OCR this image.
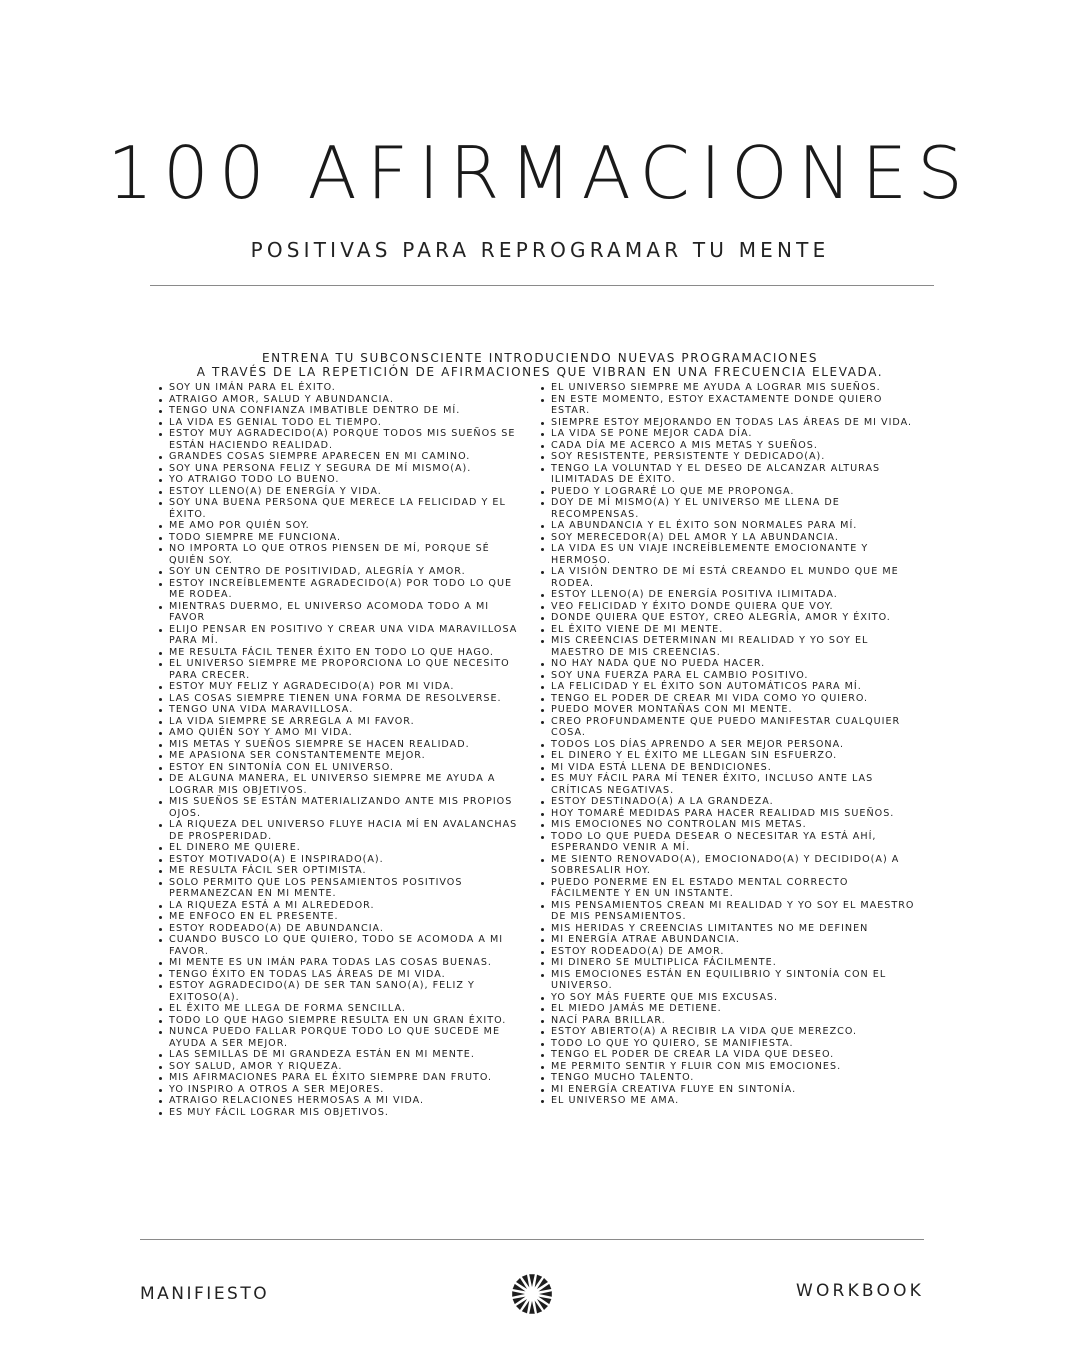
100 AFIRMACIONES
POSITIVAS PARA REPROGRAMAR TU MENTE
ENTRENA TU SUBCONSCIENTE INTRODUCIENDO NUEVAS PROGRAMACIONES
A TRAVÉS DE LA REPETICIÓN DE AFIRMACIONES QUE VIBRAN EN UNA FRECUENCIA ELEVADA.
SOY UN IMÁN PARA EL ÉXITO.
ATRAIGO AMOR, SALUD Y ABUNDANCIA.
TENGO UNA CONFIANZA IMBATIBLE DENTRO DE MÍ.
LA VIDA ES GENIAL TODO EL TIEMPO.
ESTOY MUY AGRADECIDO(A) PORQUE TODOS MIS SUEÑOS SE ESTÁN HACIENDO REALIDAD.
GRANDES COSAS SIEMPRE APARECEN EN MI CAMINO.
SOY UNA PERSONA FELIZ Y SEGURA DE MÍ MISMO(A).
YO ATRAIGO TODO LO BUENO.
ESTOY LLENO(A) DE ENERGÍA Y VIDA.
SOY UNA BUENA PERSONA QUE MERECE LA FELICIDAD Y EL ÉXITO.
ME AMO POR QUIÉN SOY.
TODO SIEMPRE ME FUNCIONA.
NO IMPORTA LO QUE OTROS PIENSEN DE MÍ, PORQUE SÉ QUIÉN SOY.
SOY UN CENTRO DE POSITIVIDAD, ALEGRÍA Y AMOR.
ESTOY INCREÍBLEMENTE AGRADECIDO(A) POR TODO LO QUE ME RODEA.
MIENTRAS DUERMO, EL UNIVERSO ACOMODA TODO A MI FAVOR
ELIJO PENSAR EN POSITIVO Y CREAR UNA VIDA MARAVILLOSA PARA MÍ.
ME RESULTA FÁCIL TENER ÉXITO EN TODO LO QUE HAGO.
EL UNIVERSO SIEMPRE ME PROPORCIONA LO QUE NECESITO PARA CRECER.
ESTOY MUY FELIZ Y AGRADECIDO(A) POR MI VIDA.
LAS COSAS SIEMPRE TIENEN UNA FORMA DE RESOLVERSE.
TENGO UNA VIDA MARAVILLOSA.
LA VIDA SIEMPRE SE ARREGLA A MI FAVOR.
AMO QUIÉN SOY Y AMO MI VIDA.
MIS METAS Y SUEÑOS SIEMPRE SE HACEN REALIDAD.
ME APASIONA SER CONSTANTEMENTE MEJOR.
ESTOY EN SINTONÍA CON EL UNIVERSO.
DE ALGUNA MANERA, EL UNIVERSO SIEMPRE ME AYUDA A LOGRAR MIS OBJETIVOS.
MIS SUEÑOS SE ESTÁN MATERIALIZANDO ANTE MIS PROPIOS OJOS.
LA RIQUEZA DEL UNIVERSO FLUYE HACIA MÍ EN AVALANCHAS DE PROSPERIDAD.
EL DINERO ME QUIERE.
ESTOY MOTIVADO(A) E INSPIRADO(A).
ME RESULTA FÁCIL SER OPTIMISTA.
SOLO PERMITO QUE LOS PENSAMIENTOS POSITIVOS PERMANEZCAN EN MI MENTE.
LA RIQUEZA ESTÁ A MI ALREDEDOR.
ME ENFOCO EN EL PRESENTE.
ESTOY RODEADO(A) DE ABUNDANCIA.
CUANDO BUSCO LO QUE QUIERO, TODO SE ACOMODA A MI FAVOR.
MI MENTE ES UN IMÁN PARA TODAS LAS COSAS BUENAS.
TENGO ÉXITO EN TODAS LAS ÁREAS DE MI VIDA.
ESTOY AGRADECIDO(A) DE SER TAN SANO(A), FELIZ Y EXITOSO(A).
EL ÉXITO ME LLEGA DE FORMA SENCILLA.
TODO LO QUE HAGO SIEMPRE RESULTA EN UN GRAN ÉXITO.
NUNCA PUEDO FALLAR PORQUE TODO LO QUE SUCEDE ME AYUDA A SER MEJOR.
LAS SEMILLAS DE MI GRANDEZA ESTÁN EN MI MENTE.
SOY SALUD, AMOR Y RIQUEZA.
MIS AFIRMACIONES PARA EL ÉXITO SIEMPRE DAN FRUTO.
YO INSPIRO A OTROS A SER MEJORES.
ATRAIGO RELACIONES HERMOSAS A MI VIDA.
ES MUY FÁCIL LOGRAR MIS OBJETIVOS.
EL UNIVERSO SIEMPRE ME AYUDA A LOGRAR MIS SUEÑOS.
EN ESTE MOMENTO, ESTOY EXACTAMENTE DONDE QUIERO ESTAR.
SIEMPRE ESTOY MEJORANDO EN TODAS LAS ÁREAS DE MI VIDA.
LA VIDA SE PONE MEJOR CADA DÍA.
CADA DÍA ME ACERCO A MIS METAS Y SUEÑOS.
SOY RESISTENTE, PERSISTENTE Y DEDICADO(A).
TENGO LA VOLUNTAD Y EL DESEO DE ALCANZAR ALTURAS ILIMITADAS DE ÉXITO.
PUEDO Y LOGRARÉ LO QUE ME PROPONGA.
DOY DE MÍ MISMO(A) Y EL UNIVERSO ME LLENA DE RECOMPENSAS.
LA ABUNDANCIA Y EL ÉXITO SON NORMALES PARA MÍ.
SOY MERECEDOR(A) DEL AMOR Y LA ABUNDANCIA.
LA VIDA ES UN VIAJE INCREÍBLEMENTE EMOCIONANTE Y HERMOSO.
LA VISIÓN DENTRO DE MÍ ESTÁ CREANDO EL MUNDO QUE ME RODEA.
ESTOY LLENO(A) DE ENERGÍA POSITIVA ILIMITADA.
VEO FELICIDAD Y ÉXITO DONDE QUIERA QUE VOY.
DONDE QUIERA QUE ESTOY, CREO ALEGRÍA, AMOR Y ÉXITO.
EL ÉXITO VIENE DE MI MENTE.
MIS CREENCIAS DETERMINAN MI REALIDAD Y YO SOY EL MAESTRO DE MIS CREENCIAS.
NO HAY NADA QUE NO PUEDA HACER.
SOY UNA FUERZA PARA EL CAMBIO POSITIVO.
LA FELICIDAD Y EL ÉXITO SON AUTOMÁTICOS PARA MÍ.
TENGO EL PODER DE CREAR MI VIDA COMO YO QUIERO.
PUEDO MOVER MONTAÑAS CON MI MENTE.
CREO PROFUNDAMENTE QUE PUEDO MANIFESTAR CUALQUIER COSA.
TODOS LOS DÍAS APRENDO A SER MEJOR PERSONA.
EL DINERO Y EL ÉXITO ME LLEGAN SIN ESFUERZO.
MI VIDA ESTÁ LLENA DE BENDICIONES.
ES MUY FÁCIL PARA MÍ TENER ÉXITO, INCLUSO ANTE LAS CRÍTICAS NEGATIVAS.
ESTOY DESTINADO(A) A LA GRANDEZA.
HOY TOMARÉ MEDIDAS PARA HACER REALIDAD MIS SUEÑOS.
MIS EMOCIONES NO CONTROLAN MIS METAS.
TODO LO QUE PUEDA DESEAR O NECESITAR YA ESTÁ AHÍ, ESPERANDO VENIR A MÍ.
ME SIENTO RENOVADO(A), EMOCIONADO(A) Y DECIDIDO(A) A SOBRESALIR HOY.
PUEDO PONERME EN EL ESTADO MENTAL CORRECTO FÁCILMENTE Y EN UN INSTANTE.
MIS PENSAMIENTOS CREAN MI REALIDAD Y YO SOY EL MAESTRO DE MIS PENSAMIENTOS.
MIS HERIDAS Y CREENCIAS LIMITANTES NO ME DEFINEN
MI ENERGÍA ATRAE ABUNDANCIA.
ESTOY RODEADO(A) DE AMOR.
MI DINERO SE MULTIPLICA FÁCILMENTE.
MIS EMOCIONES ESTÁN EN EQUILIBRIO Y SINTONÍA CON EL UNIVERSO.
YO SOY MÁS FUERTE QUE MIS EXCUSAS.
EL MIEDO JAMÁS ME DETIENE.
NACÍ PARA BRILLAR.
ESTOY ABIERTO(A) A RECIBIR LA VIDA QUE MEREZCO.
TODO LO QUE YO QUIERO, SE MANIFIESTA.
TENGO EL PODER DE CREAR LA VIDA QUE DESEO.
ME PERMITO SENTIR Y FLUIR CON MIS EMOCIONES.
TENGO MUCHO TALENTO.
MI ENERGÍA CREATIVA FLUYE EN SINTONÍA.
EL UNIVERSO ME AMA.
MANIFIESTO	WORKBOOK
